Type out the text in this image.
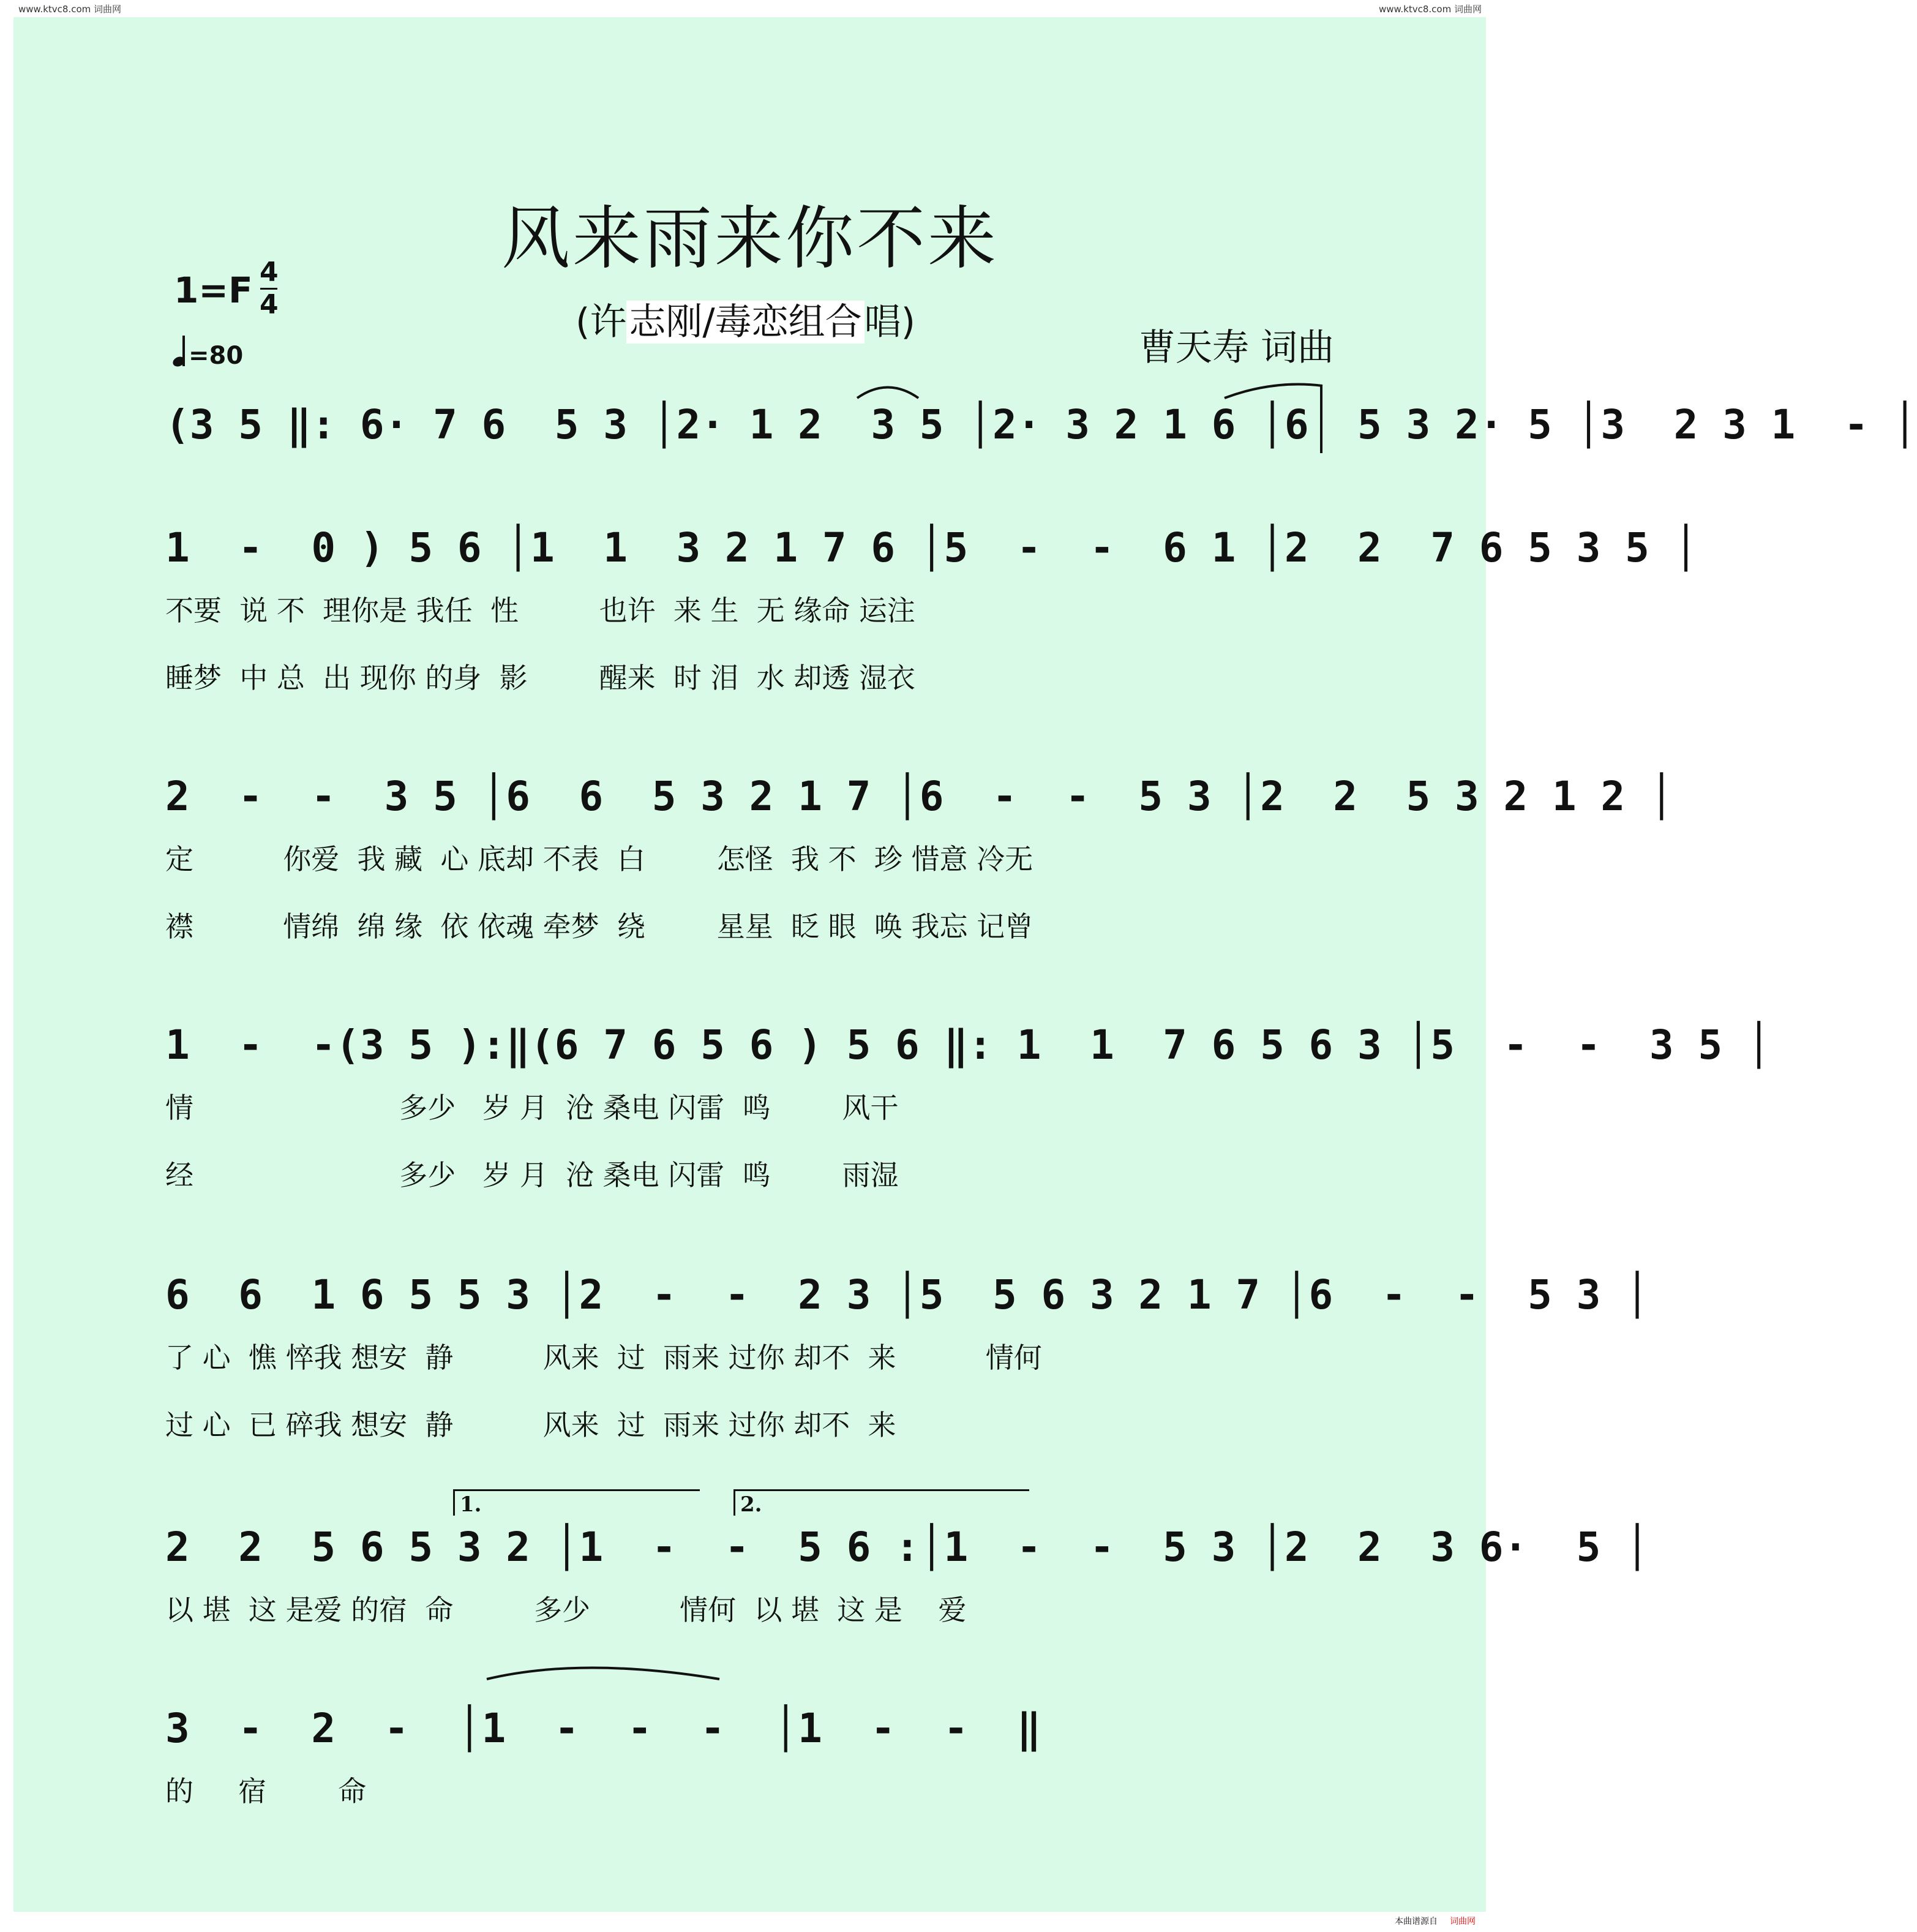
www.ktvc8.com 词曲网	www.ktvc8.com 词曲网
风来雨来你不来
(许志刚/毒恋组合唱)
曹天寿 词曲
1=F 4
4
=80
(3 5 ‖: 6· 7 6  5 3 │2· 1 2  3 5 │2· 3 2 1 6 │6  5 3 2· 5 │3  2 3 1  - │
1  -  0 ) 5 6 │1  1  3 2 1 7 6 │5  -  -  6 1 │2  2  7 6 5 3 5 │
不要  说 不  理你是 我任  性         也许  来 生  无 缘命 运注
睡梦  中 总  出 现你 的身  影        醒来  时 泪  水 却透 湿衣
2  -  -  3 5 │6  6  5 3 2 1 7 │6  -  -  5 3 │2  2  5 3 2 1 2 │
定          你爱  我 藏  心 底却 不表  白        怎怪  我 不  珍 惜意 冷无
襟          情绵  绵 缘  依 依魂 牵梦  绕        星星  眨 眼  唤 我忘 记曾
1  -  -(3 5 ):‖(6 7 6 5 6 ) 5 6 ‖: 1  1  7 6 5 6 3 │5  -  -  3 5 │
情                       多少   岁 月  沧 桑电 闪雷  鸣        风干
经                       多少   岁 月  沧 桑电 闪雷  鸣        雨湿
6  6  1 6 5 5 3 │2  -  -  2 3 │5  5 6 3 2 1 7 │6  -  -  5 3 │
了 心  憔 悴我 想安  静          风来  过  雨来 过你 却不  来          情何
过 心  已 碎我 想安  静          风来  过  雨来 过你 却不  来
1.	2.
2  2  5 6 5 3 2 │1  -  -  5 6 :│1  -  -  5 3 │2  2  3 6·  5 │
以 堪  这 是爱 的宿  命         多少          情何  以 堪  这 是    爱
3  -  2  -  │1  -  -  -  │1  -  -  ‖
的     宿        命
本曲谱源自 词曲网
